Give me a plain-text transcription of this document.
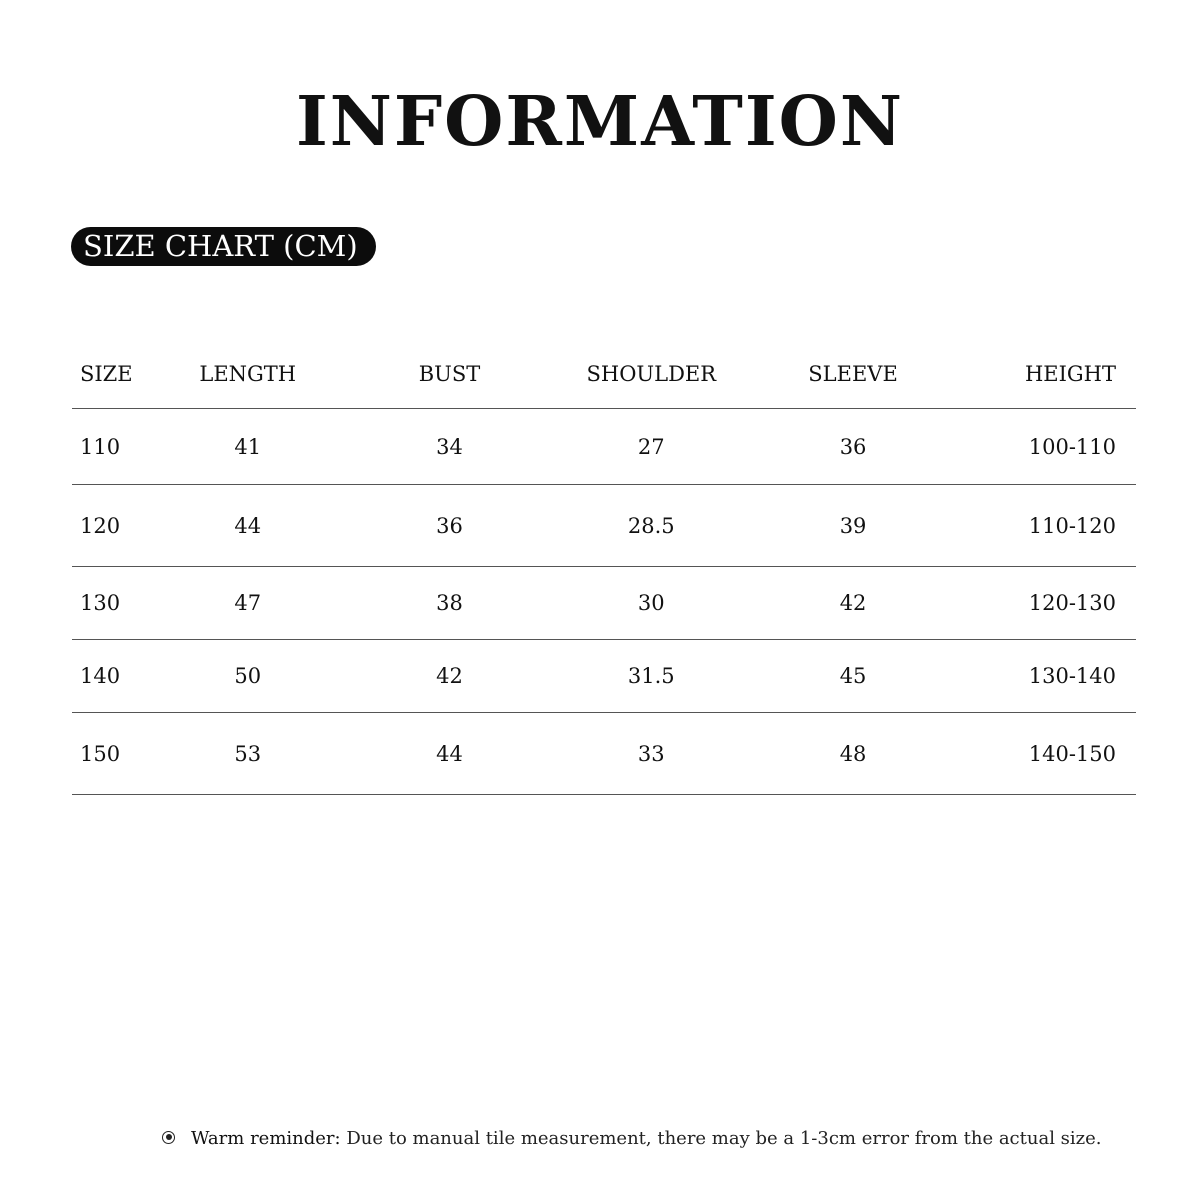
INFORMATION
SIZE CHART (CM)
SIZE	LENGTH	BUST	SHOULDER	SLEEVE	HEIGHT
110	41	34	27	36	100-110
120	44	36	28.5	39	110-120
130	47	38	30	42	120-130
140	50	42	31.5	45	130-140
150	53	44	33	48	140-150
Warm reminder: Due to manual tile measurement, there may be a 1-3cm error from the actual size.
